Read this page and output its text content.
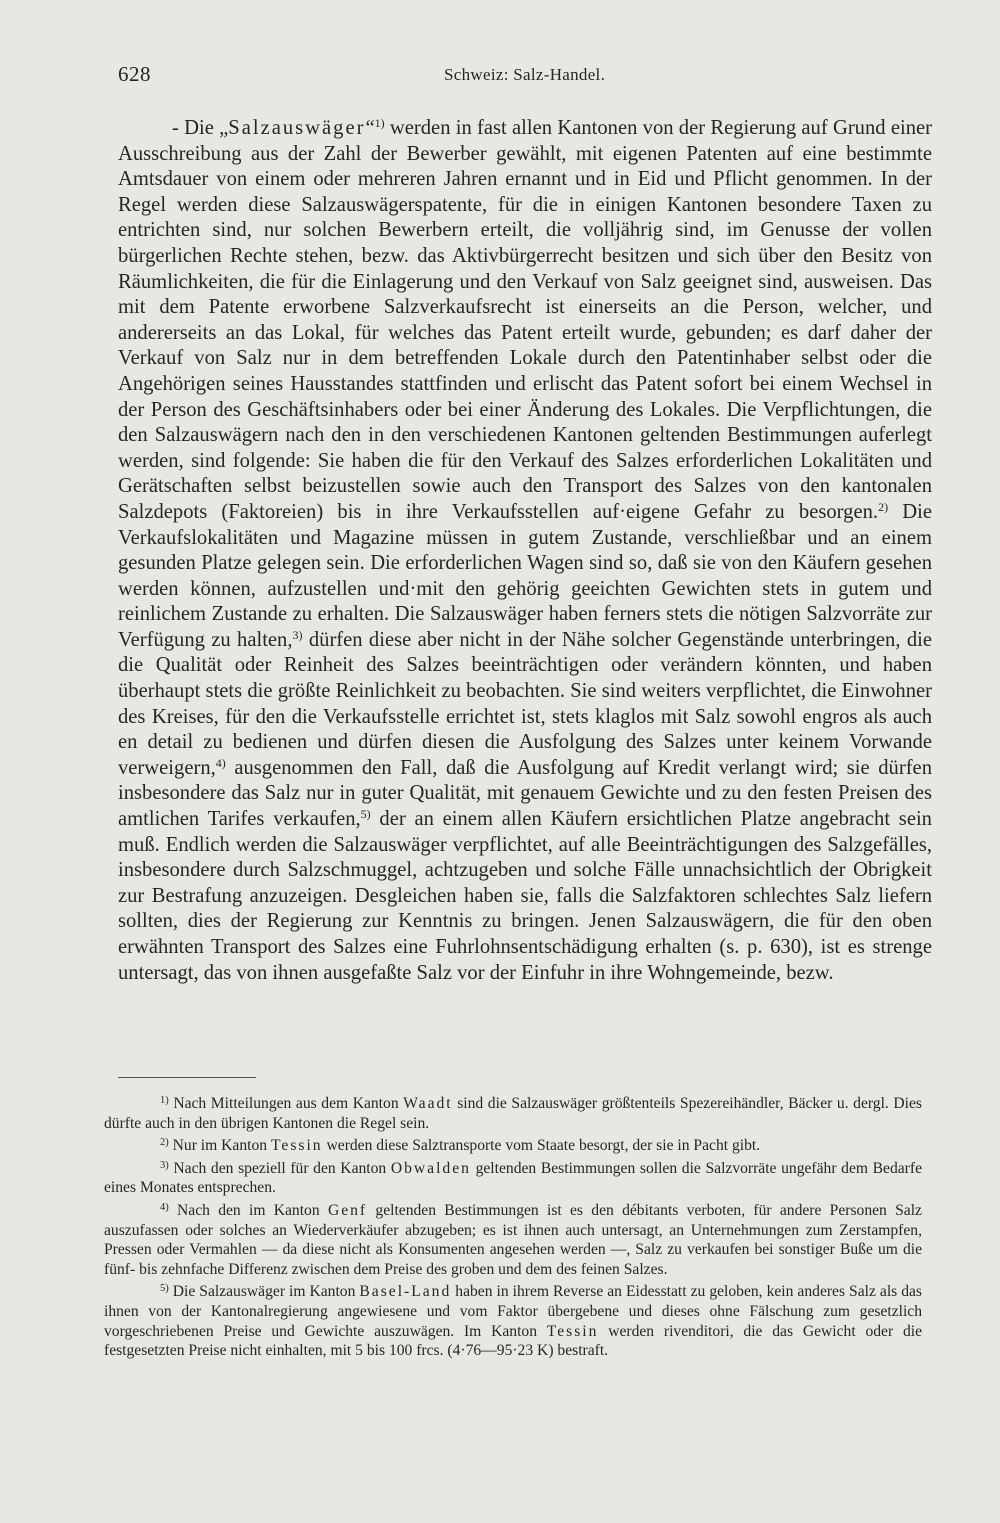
628	Schweiz: Salz-Handel.

- Die „Salzauswäger“$^{1)}$ werden in fast allen Kantonen von der Regierung auf Grund einer Ausschreibung aus der Zahl der Bewerber gewählt, mit eigenen Patenten auf eine bestimmte Amtsdauer von einem oder mehreren Jahren ernannt und in Eid und Pflicht genommen. In der Regel werden diese Salzauswägerspatente, für die in einigen Kantonen besondere Taxen zu entrichten sind, nur solchen Bewerbern erteilt, die volljährig sind, im Genusse der vollen bürgerlichen Rechte stehen, bezw. das Aktivbürgerrecht besitzen und sich über den Besitz von Räumlichkeiten, die für die Einlagerung und den Verkauf von Salz geeignet sind, ausweisen. Das mit dem Patente erworbene Salzverkaufsrecht ist einerseits an die Person, welcher, und andererseits an das Lokal, für welches das Patent erteilt wurde, gebunden; es darf daher der Verkauf von Salz nur in dem betreffenden Lokale durch den Patentinhaber selbst oder die Angehörigen seines Hausstandes stattfinden und erlischt das Patent sofort bei einem Wechsel in der Person des Geschäftsinhabers oder bei einer Änderung des Lokales. Die Verpflichtungen, die den Salzauswägern nach den in den verschiedenen Kantonen geltenden Bestimmungen auferlegt werden, sind folgende: Sie haben die für den Verkauf des Salzes erforderlichen Lokalitäten und Gerätschaften selbst beizustellen sowie auch den Transport des Salzes von den kantonalen Salzdepots (Faktoreien) bis in ihre Verkaufsstellen auf·eigene Gefahr zu besorgen.$^{2)}$ Die Verkaufslokalitäten und Magazine müssen in gutem Zustande, verschließbar und an einem gesunden Platze gelegen sein. Die erforderlichen Wagen sind so, daß sie von den Käufern gesehen werden können, aufzustellen und·mit den gehörig geeichten Gewichten stets in gutem und reinlichem Zustande zu erhalten. Die Salzauswäger haben ferners stets die nötigen Salzvorräte zur Verfügung zu halten,$^{3)}$ dürfen diese aber nicht in der Nähe solcher Gegenstände unterbringen, die die Qualität oder Reinheit des Salzes beeinträchtigen oder verändern könnten, und haben überhaupt stets die größte Reinlichkeit zu beobachten. Sie sind weiters verpflichtet, die Einwohner des Kreises, für den die Verkaufsstelle errichtet ist, stets klaglos mit Salz sowohl engros als auch en detail zu bedienen und dürfen diesen die Ausfolgung des Salzes unter keinem Vorwande verweigern,$^{4)}$ ausgenommen den Fall, daß die Ausfolgung auf Kredit verlangt wird; sie dürfen insbesondere das Salz nur in guter Qualität, mit genauem Gewichte und zu den festen Preisen des amtlichen Tarifes verkaufen,$^{5)}$ der an einem allen Käufern ersichtlichen Platze angebracht sein muß. Endlich werden die Salzauswäger verpflichtet, auf alle Beeinträchtigungen des Salzgefälles, insbesondere durch Salzschmuggel, achtzugeben und solche Fälle unnachsichtlich der Obrigkeit zur Bestrafung anzuzeigen. Desgleichen haben sie, falls die Salzfaktoren schlechtes Salz liefern sollten, dies der Regierung zur Kenntnis zu bringen. Jenen Salzauswägern, die für den oben erwähnten Transport des Salzes eine Fuhrlohnsentschädigung erhalten (s. p. 630), ist es strenge untersagt, das von ihnen ausgefaßte Salz vor der Einfuhr in ihre Wohngemeinde, bezw.

$^{1)}$ Nach Mitteilungen aus dem Kanton Waadt sind die Salzauswäger größtenteils Spezereihändler, Bäcker u. dergl. Dies dürfte auch in den übrigen Kantonen die Regel sein.

$^{2)}$ Nur im Kanton Tessin werden diese Salztransporte vom Staate besorgt, der sie in Pacht gibt.

$^{3)}$ Nach den speziell für den Kanton Obwalden geltenden Bestimmungen sollen die Salzvorräte ungefähr dem Bedarfe eines Monates entsprechen.

$^{4)}$ Nach den im Kanton Genf geltenden Bestimmungen ist es den débitants verboten, für andere Personen Salz auszufassen oder solches an Wiederverkäufer abzugeben; es ist ihnen auch untersagt, an Unternehmungen zum Zerstampfen, Pressen oder Vermahlen — da diese nicht als Konsumenten angesehen werden —, Salz zu verkaufen bei sonstiger Buße um die fünf- bis zehnfache Differenz zwischen dem Preise des groben und dem des feinen Salzes.

$^{5)}$ Die Salzauswäger im Kanton Basel-Land haben in ihrem Reverse an Eidesstatt zu geloben, kein anderes Salz als das ihnen von der Kantonalregierung angewiesene und vom Faktor übergebene und dieses ohne Fälschung zum gesetzlich vorgeschriebenen Preise und Gewichte auszuwägen. Im Kanton Tessin werden rivenditori, die das Gewicht oder die festgesetzten Preise nicht einhalten, mit 5 bis 100 frcs. (4·76—95·23 K) bestraft.
